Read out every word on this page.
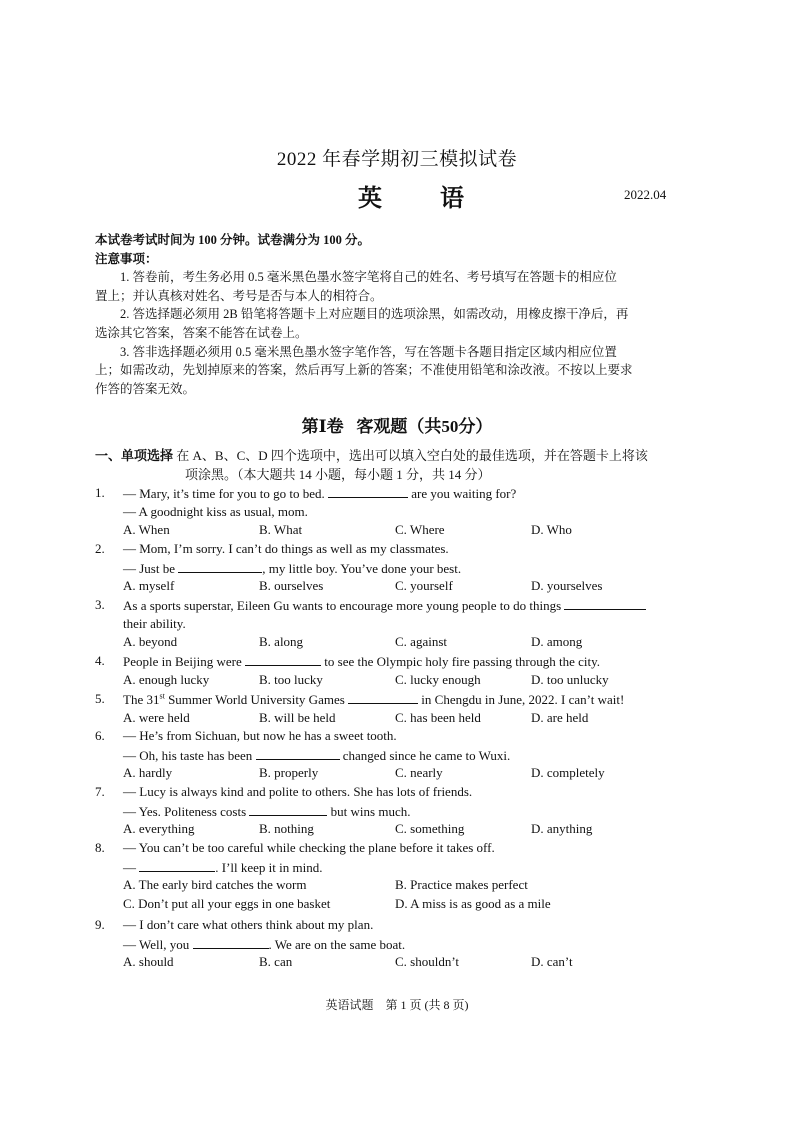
2022 年春学期初三模拟试卷
英 语	2022.04
本试卷考试时间为 100 分钟。试卷满分为 100 分。
注意事项：
1. 答卷前，考生务必用 0.5 毫米黑色墨水签字笔将自己的姓名、考号填写在答题卡的相应位
置上；并认真核对姓名、考号是否与本人的相符合。
2. 答选择题必须用 2B 铅笔将答题卡上对应题目的选项涂黑，如需改动，用橡皮擦干净后，再
选涂其它答案，答案不能答在试卷上。
3. 答非选择题必须用 0.5 毫米黑色墨水签字笔作答，写在答题卡各题目指定区域内相应位置
上；如需改动，先划掉原来的答案，然后再写上新的答案；不准使用铅笔和涂改液。不按以上要求
作答的答案无效。
第Ⅰ卷   客观题（共50分）
一、单项选择 在 A、B、C、D 四个选项中，选出可以填入空白处的最佳选项，并在答题卡上将该
项涂黑。（本大题共 14 小题，每小题 1 分，共 14 分）
1. — Mary, it’s time for you to go to bed.	are you waiting for?
— A goodnight kiss as usual, mom.
A. When	B. What	C. Where	D. Who
2. — Mom, I’m sorry. I can’t do things as well as my classmates.
— Just be	, my little boy. You’ve done your best.
A. myself	B. ourselves	C. yourself	D. yourselves
3. As a sports superstar, Eileen Gu wants to encourage more young people to do things
their ability.
A. beyond	B. along	C. against	D. among
4. People in Beijing were	to see the Olympic holy fire passing through the city.
A. enough lucky	B. too lucky	C. lucky enough	D. too unlucky
5. The 31st Summer World University Games	in Chengdu in June, 2022. I can’t wait!
A. were held	B. will be held	C. has been held	D. are held
6. — He’s from Sichuan, but now he has a sweet tooth.
— Oh, his taste has been	changed since he came to Wuxi.
A. hardly	B. properly	C. nearly	D. completely
7. — Lucy is always kind and polite to others. She has lots of friends.
— Yes. Politeness costs	but wins much.
A. everything	B. nothing	C. something	D. anything
8. — You can’t be too careful while checking the plane before it takes off.
—	. I’ll keep it in mind.
A. The early bird catches the worm	B. Practice makes perfect
C. Don’t put all your eggs in one basket	D. A miss is as good as a mile
9. — I don’t care what others think about my plan.
— Well, you	. We are on the same boat.
A. should	B. can	C. shouldn’t	D. can’t
英语试题    第 1 页 (共 8 页)
